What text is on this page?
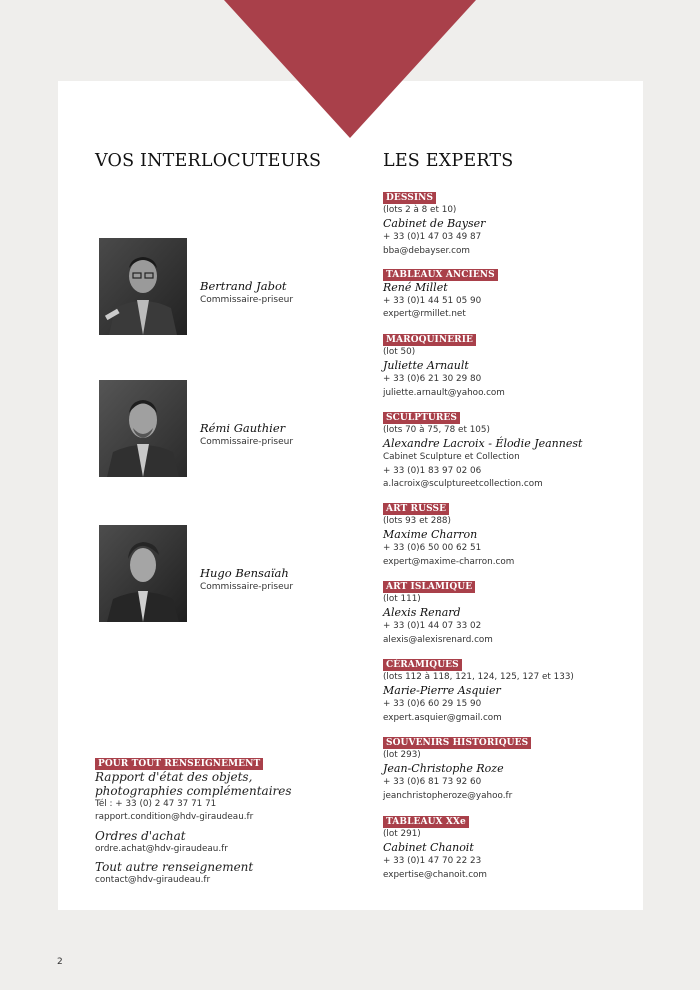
VOS INTERLOCUTEURS	LES EXPERTS
Bertrand Jabot
Commissaire-priseur
Rémi Gauthier
Commissaire-priseur
Hugo Bensaïah
Commissaire-priseur
DESSINS
(lots 2 à 8 et 10)
Cabinet de Bayser
+ 33 (0)1 47 03 49 87
bba@debayser.com
TABLEAUX ANCIENS
René Millet
+ 33 (0)1 44 51 05 90
expert@rmillet.net
MAROQUINERIE
(lot 50)
Juliette Arnault
+ 33 (0)6 21 30 29 80
juliette.arnault@yahoo.com
SCULPTURES
(lots 70 à 75, 78 et 105)
Alexandre Lacroix - Élodie Jeannest
Cabinet Sculpture et Collection
+ 33 (0)1 83 97 02 06
a.lacroix@sculptureetcollection.com
ART RUSSE
(lots 93 et 288)
Maxime Charron
+ 33 (0)6 50 00 62 51
expert@maxime-charron.com
ART ISLAMIQUE
(lot 111)
Alexis Renard
+ 33 (0)1 44 07 33 02
alexis@alexisrenard.com
CÉRAMIQUES
(lots 112 à 118, 121, 124, 125, 127 et 133)
Marie-Pierre Asquier
+ 33 (0)6 60 29 15 90
expert.asquier@gmail.com
SOUVENIRS HISTORIQUES
(lot 293)
Jean-Christophe Roze
+ 33 (0)6 81 73 92 60
jeanchristopheroze@yahoo.fr
TABLEAUX XXe
(lot 291)
Cabinet Chanoit
+ 33 (0)1 47 70 22 23
expertise@chanoit.com
POUR TOUT RENSEIGNEMENT
Rapport d'état des objets,
photographies complémentaires
Tél : + 33 (0) 2 47 37 71 71
rapport.condition@hdv-giraudeau.fr
Ordres d'achat
ordre.achat@hdv-giraudeau.fr
Tout autre renseignement
contact@hdv-giraudeau.fr
2
